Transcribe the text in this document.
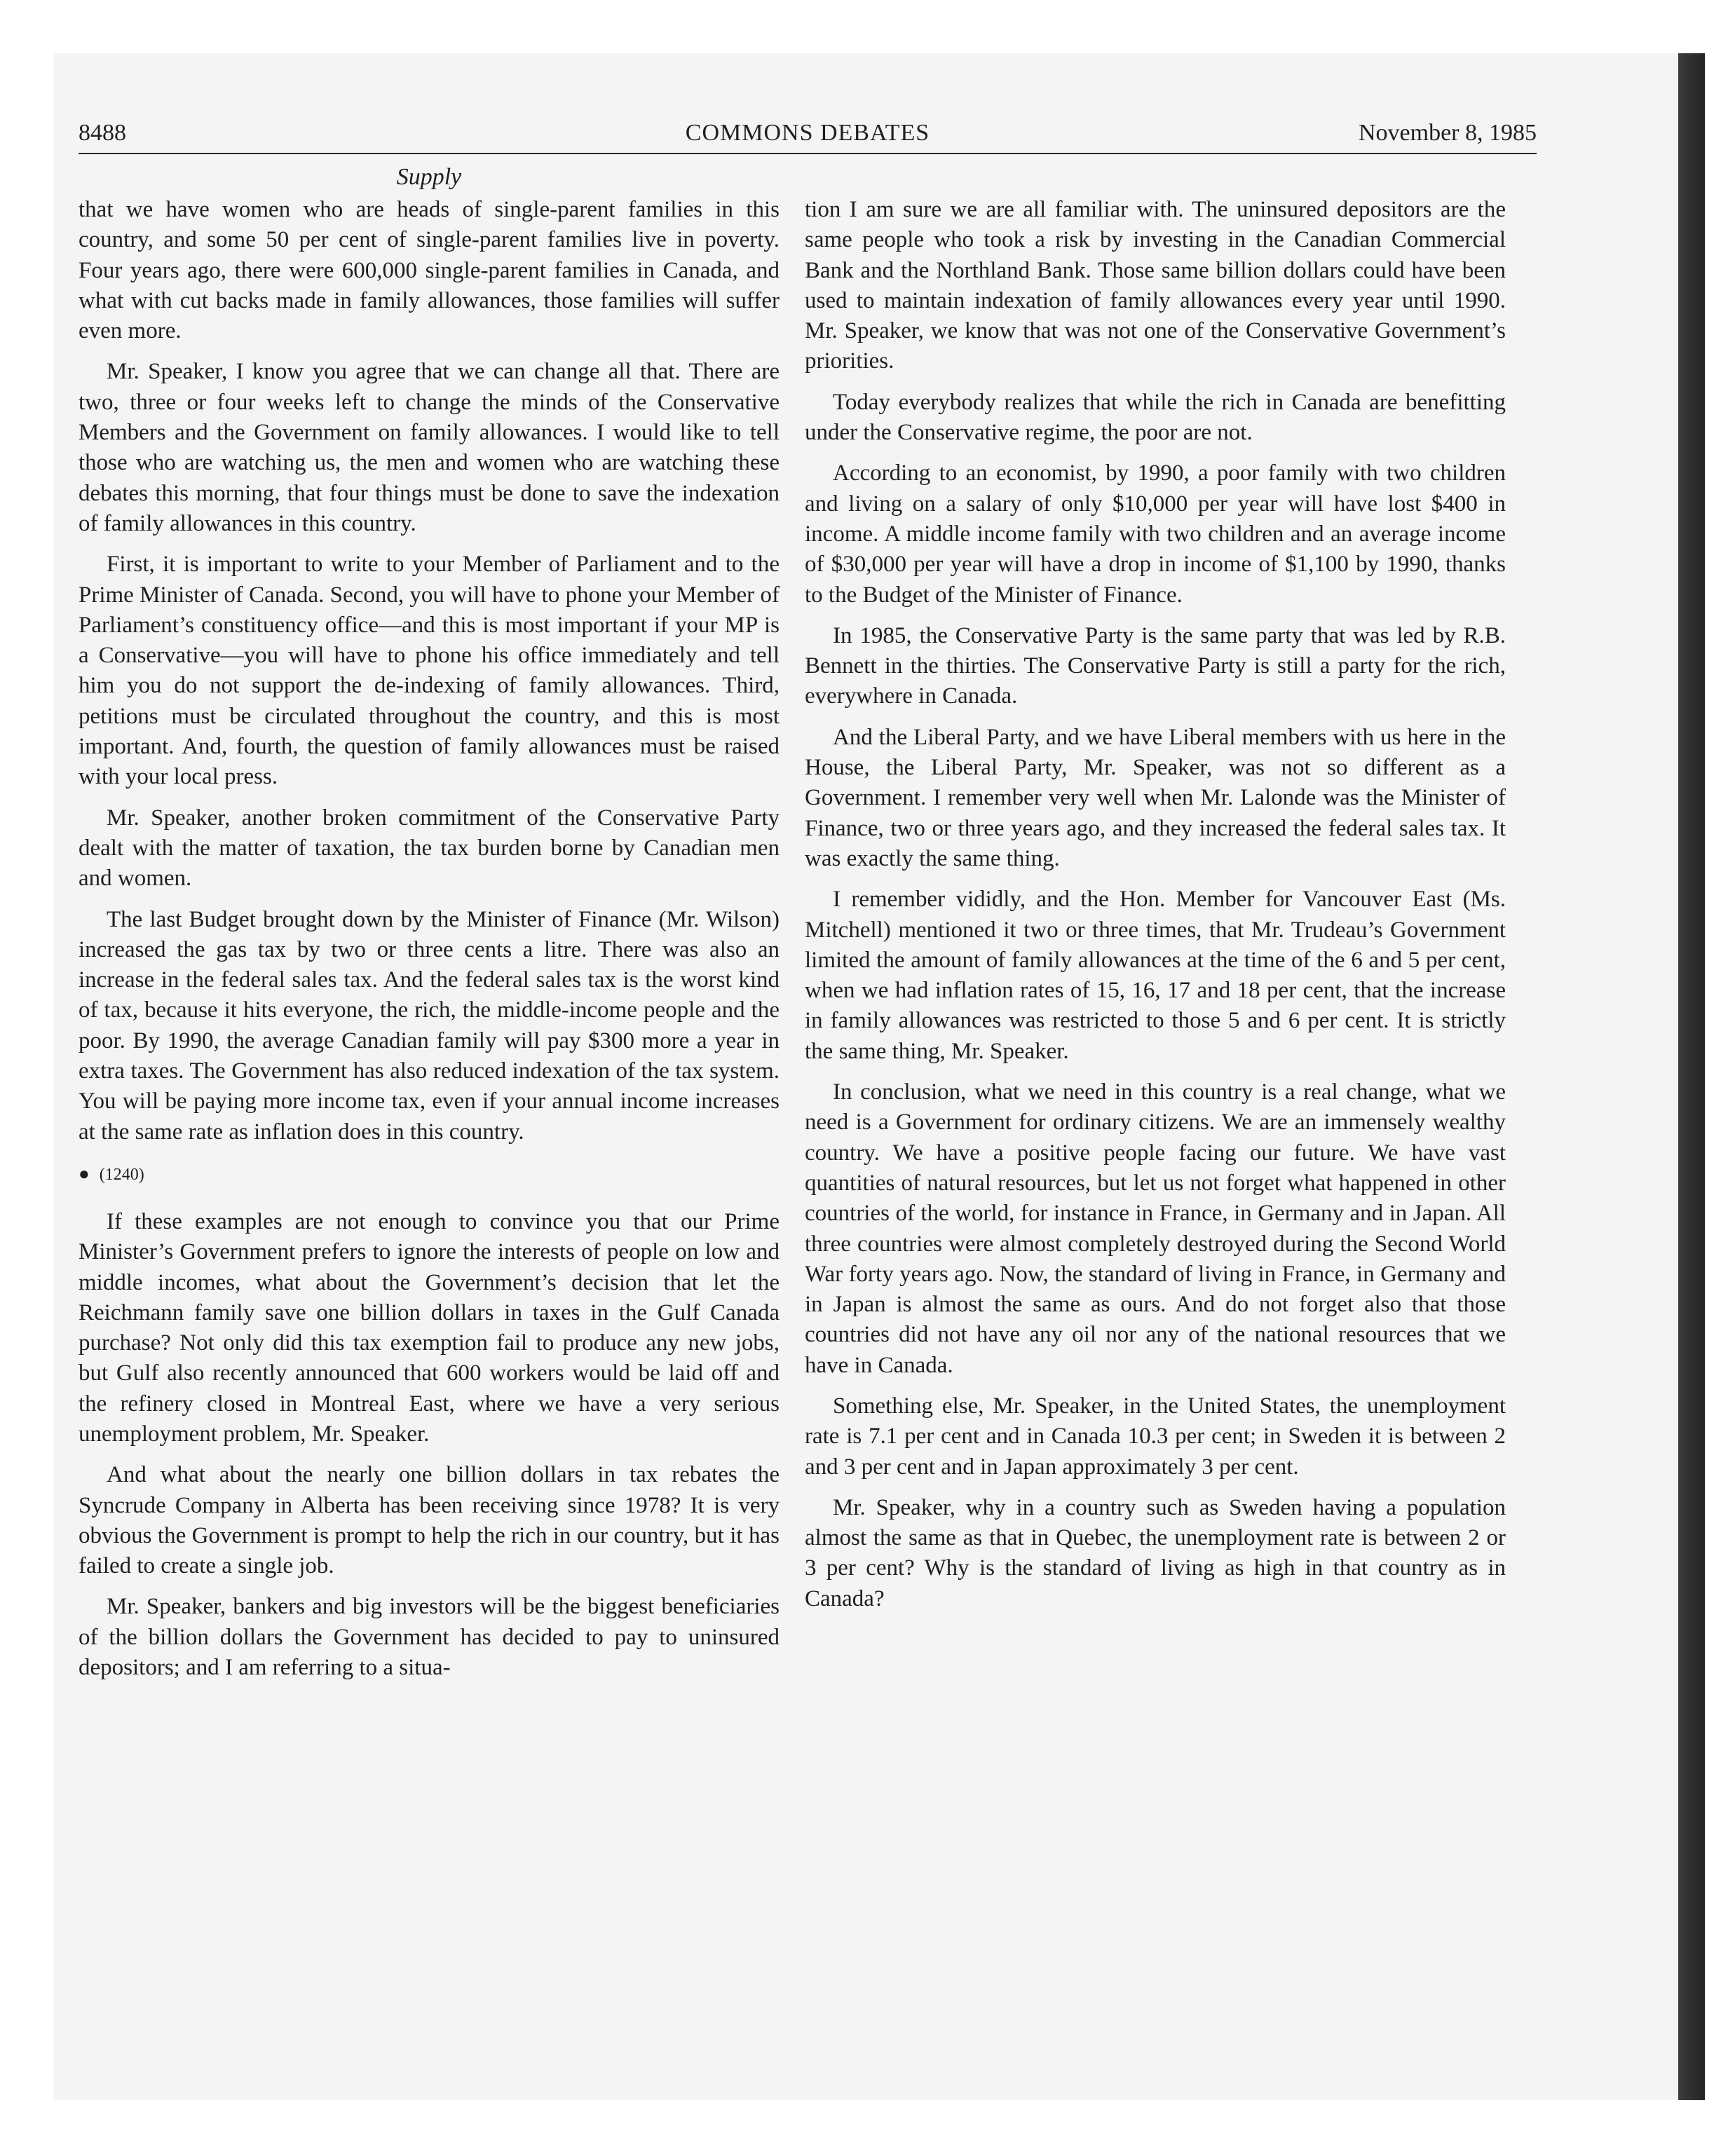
8488	COMMONS DEBATES	November 8, 1985
Supply

that we have women who are heads of single-parent families in this country, and some 50 per cent of single-parent families live in poverty. Four years ago, there were 600,000 single-parent families in Canada, and what with cut backs made in family allowances, those families will suffer even more.

Mr. Speaker, I know you agree that we can change all that. There are two, three or four weeks left to change the minds of the Conservative Members and the Government on family allowances. I would like to tell those who are watching us, the men and women who are watching these debates this morning, that four things must be done to save the indexation of family allowances in this country.

First, it is important to write to your Member of Parliament and to the Prime Minister of Canada. Second, you will have to phone your Member of Parliament’s constituency office—and this is most important if your MP is a Conservative—you will have to phone his office immediately and tell him you do not support the de-indexing of family allowances. Third, petitions must be circulated throughout the country, and this is most important. And, fourth, the question of family allowances must be raised with your local press.

Mr. Speaker, another broken commitment of the Conservative Party dealt with the matter of taxation, the tax burden borne by Canadian men and women.

The last Budget brought down by the Minister of Finance (Mr. Wilson) increased the gas tax by two or three cents a litre. There was also an increase in the federal sales tax. And the federal sales tax is the worst kind of tax, because it hits everyone, the rich, the middle-income people and the poor. By 1990, the average Canadian family will pay $300 more a year in extra taxes. The Government has also reduced indexation of the tax system. You will be paying more income tax, even if your annual income increases at the same rate as inflation does in this country.

● (1240)

If these examples are not enough to convince you that our Prime Minister’s Government prefers to ignore the interests of people on low and middle incomes, what about the Government’s decision that let the Reichmann family save one billion dollars in taxes in the Gulf Canada purchase? Not only did this tax exemption fail to produce any new jobs, but Gulf also recently announced that 600 workers would be laid off and the refinery closed in Montreal East, where we have a very serious unemployment problem, Mr. Speaker.

And what about the nearly one billion dollars in tax rebates the Syncrude Company in Alberta has been receiving since 1978? It is very obvious the Government is prompt to help the rich in our country, but it has failed to create a single job.

Mr. Speaker, bankers and big investors will be the biggest beneficiaries of the billion dollars the Government has decided to pay to uninsured depositors; and I am referring to a situa-

tion I am sure we are all familiar with. The uninsured depositors are the same people who took a risk by investing in the Canadian Commercial Bank and the Northland Bank. Those same billion dollars could have been used to maintain indexation of family allowances every year until 1990. Mr. Speaker, we know that was not one of the Conservative Government’s priorities.

Today everybody realizes that while the rich in Canada are benefitting under the Conservative regime, the poor are not.

According to an economist, by 1990, a poor family with two children and living on a salary of only $10,000 per year will have lost $400 in income. A middle income family with two children and an average income of $30,000 per year will have a drop in income of $1,100 by 1990, thanks to the Budget of the Minister of Finance.

In 1985, the Conservative Party is the same party that was led by R.B. Bennett in the thirties. The Conservative Party is still a party for the rich, everywhere in Canada.

And the Liberal Party, and we have Liberal members with us here in the House, the Liberal Party, Mr. Speaker, was not so different as a Government. I remember very well when Mr. Lalonde was the Minister of Finance, two or three years ago, and they increased the federal sales tax. It was exactly the same thing.

I remember vididly, and the Hon. Member for Vancouver East (Ms. Mitchell) mentioned it two or three times, that Mr. Trudeau’s Government limited the amount of family allowances at the time of the 6 and 5 per cent, when we had inflation rates of 15, 16, 17 and 18 per cent, that the increase in family allowances was restricted to those 5 and 6 per cent. It is strictly the same thing, Mr. Speaker.

In conclusion, what we need in this country is a real change, what we need is a Government for ordinary citizens. We are an immensely wealthy country. We have a positive people facing our future. We have vast quantities of natural resources, but let us not forget what happened in other countries of the world, for instance in France, in Germany and in Japan. All three countries were almost completely destroyed during the Second World War forty years ago. Now, the standard of living in France, in Germany and in Japan is almost the same as ours. And do not forget also that those countries did not have any oil nor any of the national resources that we have in Canada.

Something else, Mr. Speaker, in the United States, the unemployment rate is 7.1 per cent and in Canada 10.3 per cent; in Sweden it is between 2 and 3 per cent and in Japan approximately 3 per cent.

Mr. Speaker, why in a country such as Sweden having a population almost the same as that in Quebec, the unemployment rate is between 2 or 3 per cent? Why is the standard of living as high in that country as in Canada?
